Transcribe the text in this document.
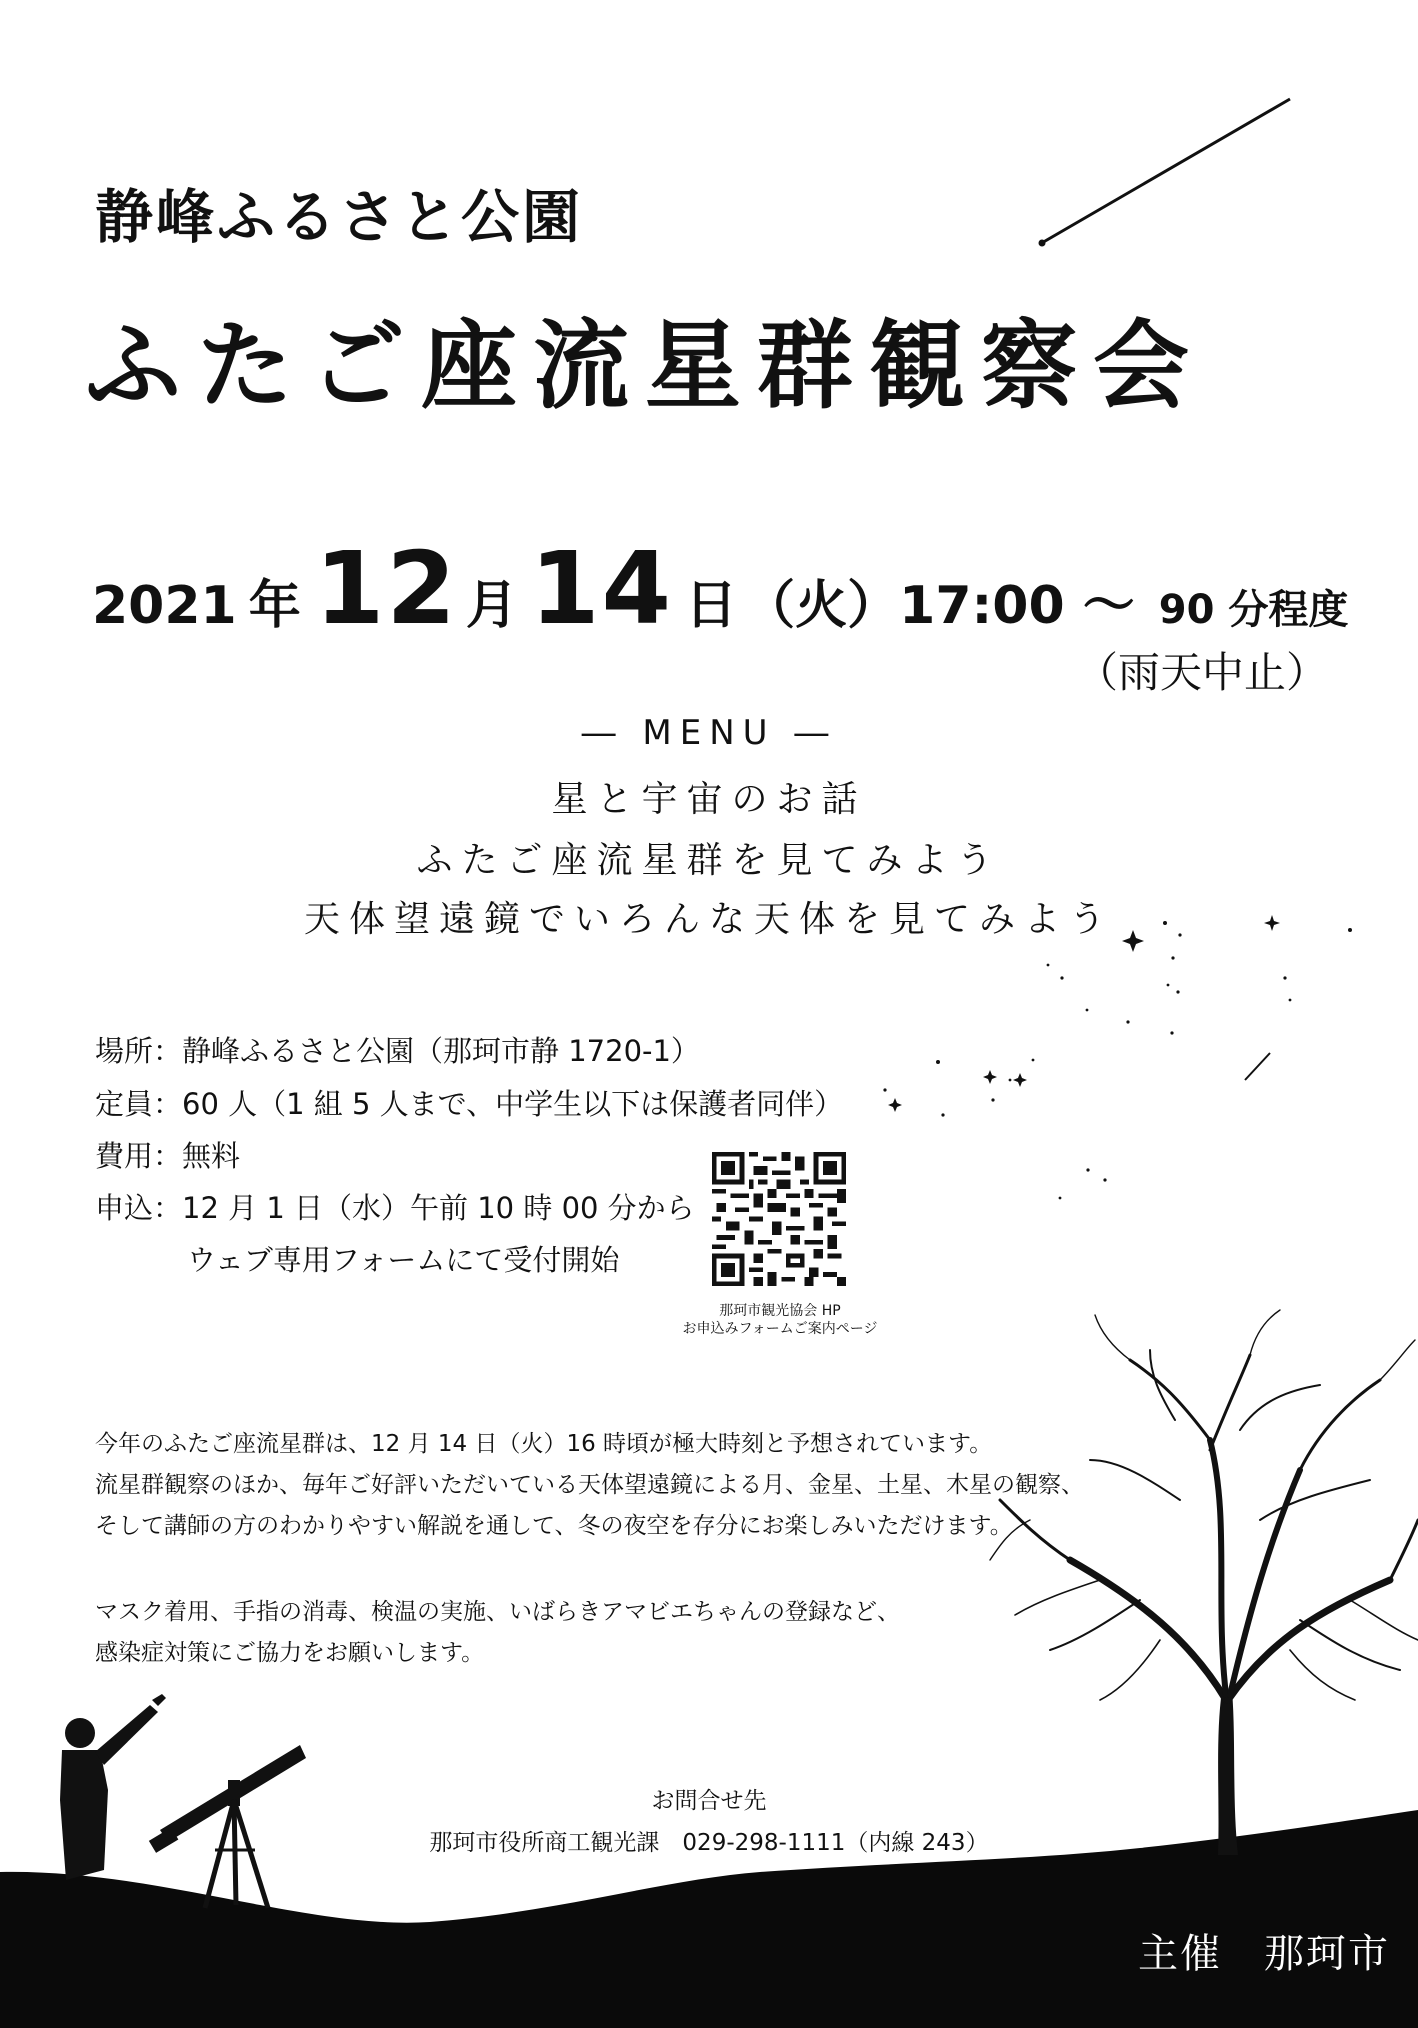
静峰ふるさと公園
ふたご座流星群観察会
2021 年 12 月 14 日 （火） 17:00 ～ 90 分程度
（雨天中止）
― MENU ―
星と宇宙のお話
ふたご座流星群を見てみよう
天体望遠鏡でいろんな天体を見てみよう
場所：静峰ふるさと公園（那珂市静 1720-1）
定員：60 人（1 組 5 人まで、中学生以下は保護者同伴）
費用：無料
申込：12 月 1 日（水）午前 10 時 00 分から
ウェブ専用フォームにて受付開始
那珂市観光協会 HP
お申込みフォームご案内ページ
今年のふたご座流星群は、12 月 14 日（火）16 時頃が極大時刻と予想されています。
流星群観察のほか、毎年ご好評いただいている天体望遠鏡による月、金星、土星、木星の観察、
そして講師の方のわかりやすい解説を通して、冬の夜空を存分にお楽しみいただけます。
マスク着用、手指の消毒、検温の実施、いばらきアマビエちゃんの登録など、
感染症対策にご協力をお願いします。
お問合せ先
那珂市役所商工観光課　029-298-1111（内線 243）
主催　那珂市
